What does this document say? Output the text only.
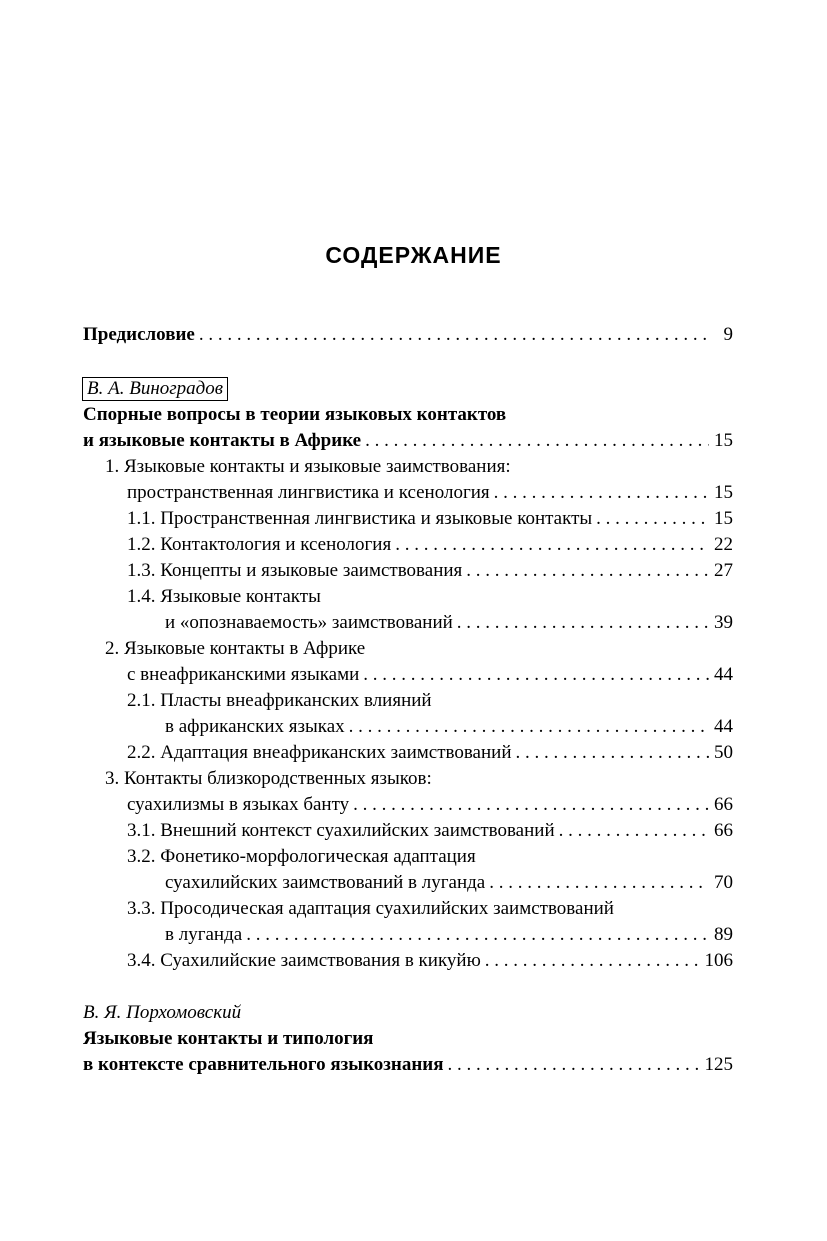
СОДЕРЖАНИЕ
Предисловие . . .	9
В. А. Виноградов
Спорные вопросы в теории языковых контактов
и языковые контакты в Африке . . .	15
1. Языковые контакты и языковые заимствования:
пространственная лингвистика и ксенология . . .	15
1.1. Пространственная лингвистика и языковые контакты . . .	15
1.2. Контактология и ксенология . . .	22
1.3. Концепты и языковые заимствования . . .	27
1.4. Языковые контакты
и «опознаваемость» заимствований . . .	39
2. Языковые контакты в Африке
с внеафриканскими языками . . .	44
2.1. Пласты внеафриканских влияний
в африканских языках . . .	44
2.2. Адаптация внеафриканских заимствований . . .	50
3. Контакты близкородственных языков:
суахилизмы в языках банту . . .	66
3.1. Внешний контекст суахилийских заимствований . . .	66
3.2. Фонетико-морфологическая адаптация
суахилийских заимствований в луганда . . .	70
3.3. Просодическая адаптация суахилийских заимствований
в луганда . . .	89
3.4. Суахилийские заимствования в кикуйю . . .	106
В. Я. Порхомовский
Языковые контакты и типология
в контексте сравнительного языкознания . . .	125
